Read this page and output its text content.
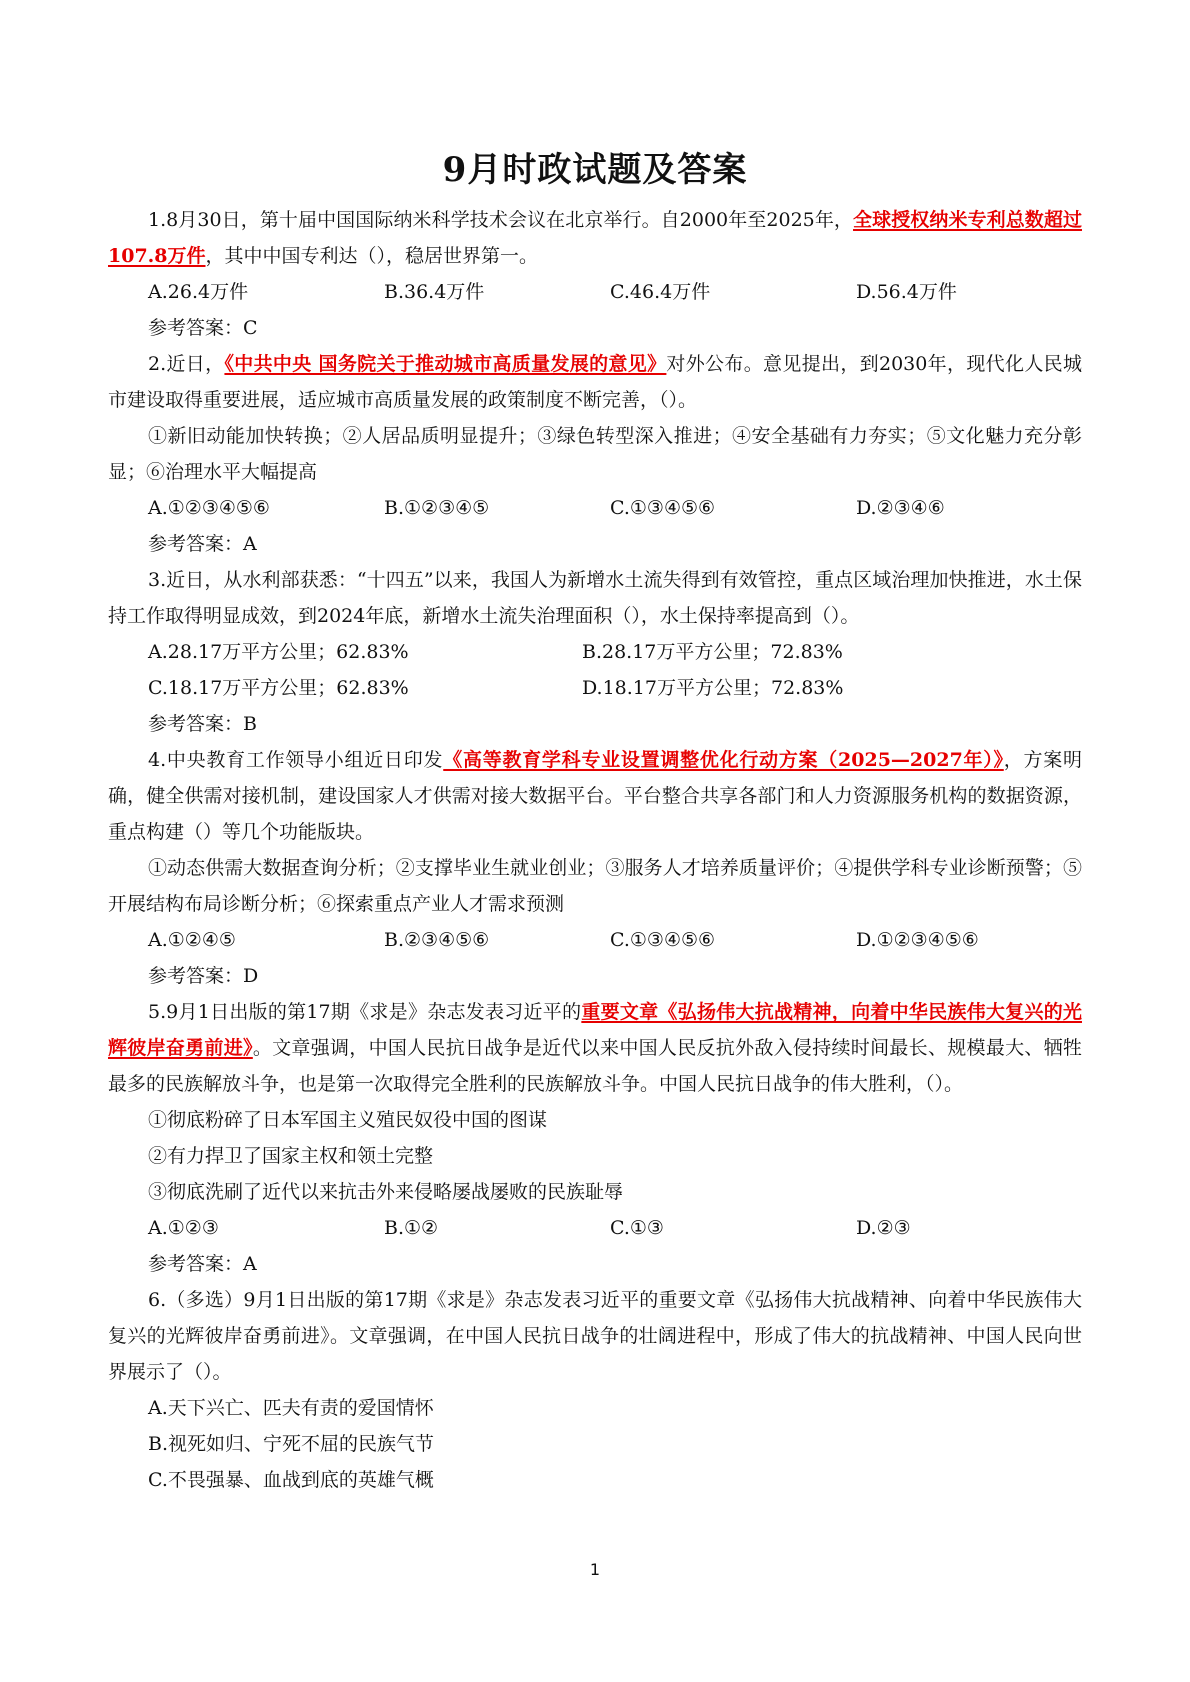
9月时政试题及答案

1.8月30日，第十届中国国际纳米科学技术会议在北京举行。自2000年至2025年，全球授权纳米专利总数超过107.8万件，其中中国专利达（），稳居世界第一。

A.26.4万件	B.36.4万件	C.46.4万件	D.56.4万件
参考答案：C

2.近日，《中共中央 国务院关于推动城市高质量发展的意见》对外公布。意见提出，到2030年，现代化人民城市建设取得重要进展，适应城市高质量发展的政策制度不断完善，（）。

①新旧动能加快转换；②人居品质明显提升；③绿色转型深入推进；④安全基础有力夯实；⑤文化魅力充分彰显；⑥治理水平大幅提高

A.①②③④⑤⑥	B.①②③④⑤	C.①③④⑤⑥	D.②③④⑥
参考答案：A

3.近日，从水利部获悉：“十四五”以来，我国人为新增水土流失得到有效管控，重点区域治理加快推进，水土保持工作取得明显成效，到2024年底，新增水土流失治理面积（），水土保持率提高到（）。

A.28.17万平方公里；62.83%	B.28.17万平方公里；72.83%
C.18.17万平方公里；62.83%	D.18.17万平方公里；72.83%
参考答案：B

4.中央教育工作领导小组近日印发《高等教育学科专业设置调整优化行动方案（2025—2027年）》，方案明确，健全供需对接机制，建设国家人才供需对接大数据平台。平台整合共享各部门和人力资源服务机构的数据资源，重点构建（）等几个功能版块。

①动态供需大数据查询分析；②支撑毕业生就业创业；③服务人才培养质量评价；④提供学科专业诊断预警；⑤开展结构布局诊断分析；⑥探索重点产业人才需求预测

A.①②④⑤	B.②③④⑤⑥	C.①③④⑤⑥	D.①②③④⑤⑥
参考答案：D

5.9月1日出版的第17期《求是》杂志发表习近平的重要文章《弘扬伟大抗战精神，向着中华民族伟大复兴的光辉彼岸奋勇前进》。文章强调，中国人民抗日战争是近代以来中国人民反抗外敌入侵持续时间最长、规模最大、牺牲最多的民族解放斗争，也是第一次取得完全胜利的民族解放斗争。中国人民抗日战争的伟大胜利，（）。

①彻底粉碎了日本军国主义殖民奴役中国的图谋
②有力捍卫了国家主权和领土完整
③彻底洗刷了近代以来抗击外来侵略屡战屡败的民族耻辱
A.①②③	B.①②	C.①③	D.②③
参考答案：A

6.（多选）9月1日出版的第17期《求是》杂志发表习近平的重要文章《弘扬伟大抗战精神、向着中华民族伟大复兴的光辉彼岸奋勇前进》。文章强调，在中国人民抗日战争的壮阔进程中，形成了伟大的抗战精神、中国人民向世界展示了（）。

A.天下兴亡、匹夫有责的爱国情怀
B.视死如归、宁死不屈的民族气节
C.不畏强暴、血战到底的英雄气概
1
